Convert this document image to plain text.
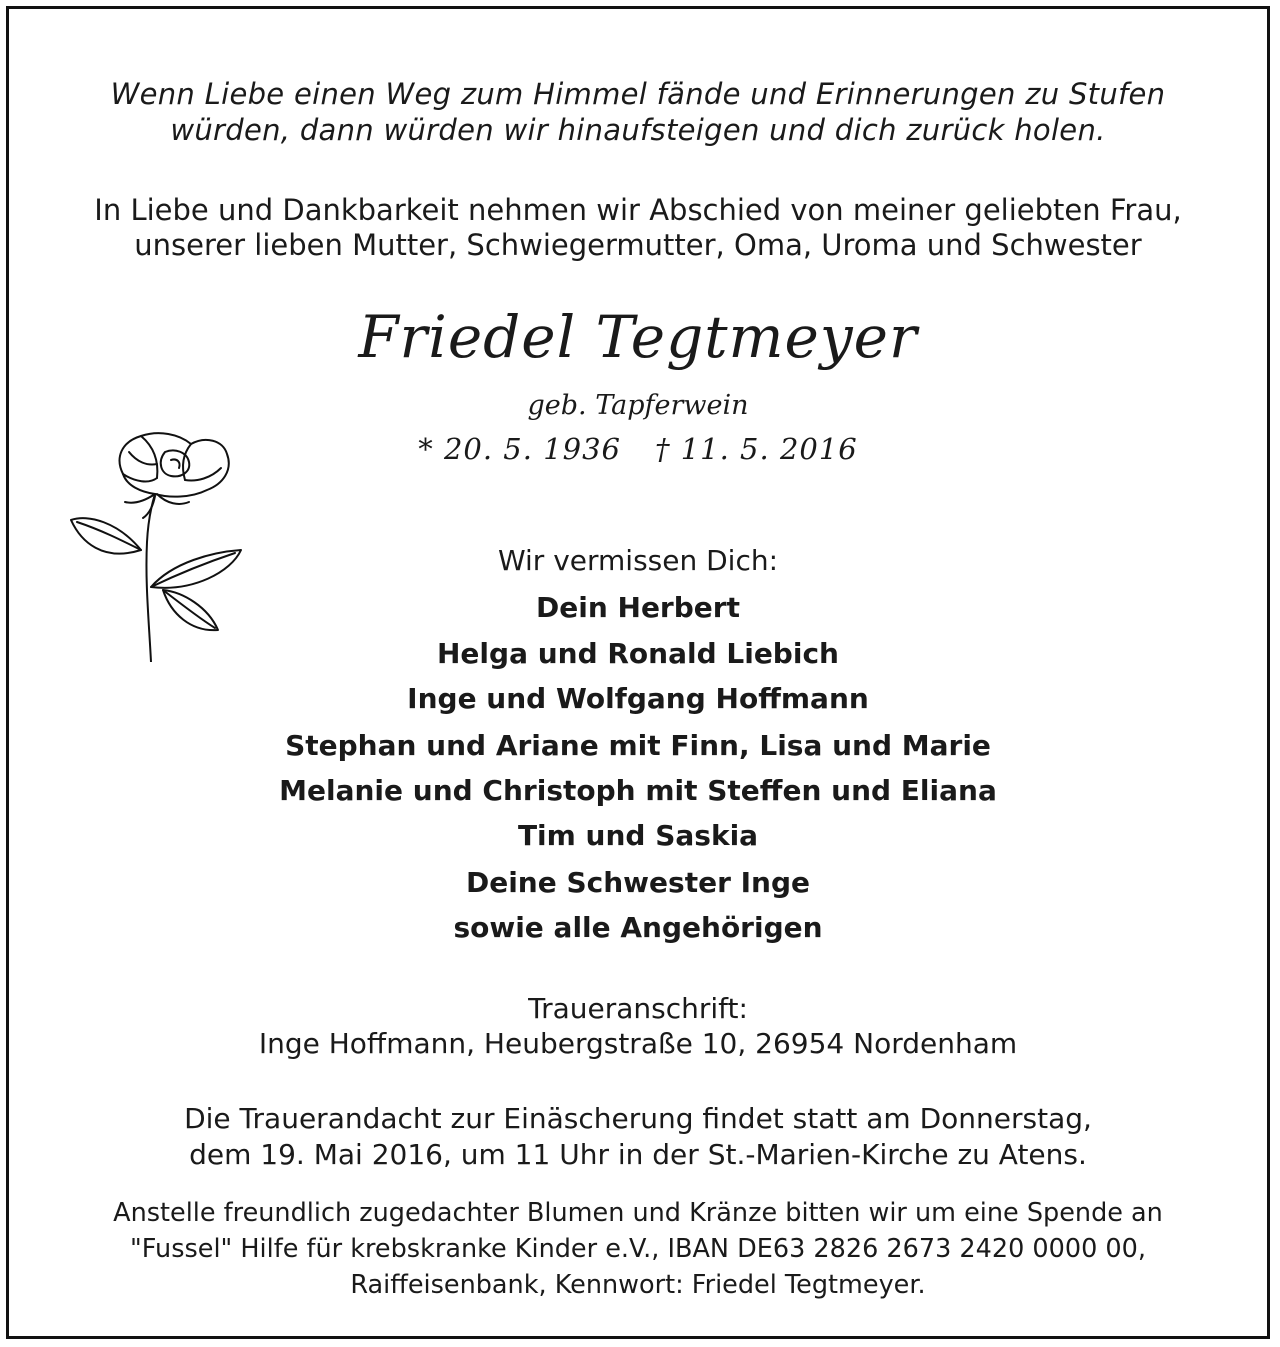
Wenn Liebe einen Weg zum Himmel fände und Erinnerungen zu Stufen

würden, dann würden wir hinaufsteigen und dich zurück holen.

In Liebe und Dankbarkeit nehmen wir Abschied von meiner geliebten Frau,

unserer lieben Mutter, Schwiegermutter, Oma, Uroma und Schwester

Friedel Tegtmeyer

geb. Tapferwein

* 20. 5. 1936 † 11. 5. 2016

Wir vermissen Dich:

Dein Herbert

Helga und Ronald Liebich

Inge und Wolfgang Hoffmann

Stephan und Ariane mit Finn, Lisa und Marie

Melanie und Christoph mit Steffen und Eliana

Tim und Saskia

Deine Schwester Inge

sowie alle Angehörigen

Traueranschrift:

Inge Hoffmann, Heubergstraße 10, 26954 Nordenham

Die Trauerandacht zur Einäscherung findet statt am Donnerstag,

dem 19. Mai 2016, um 11 Uhr in der St.-Marien-Kirche zu Atens.

Anstelle freundlich zugedachter Blumen und Kränze bitten wir um eine Spende an

"Fussel" Hilfe für krebskranke Kinder e.V., IBAN DE63 2826 2673 2420 0000 00,

Raiffeisenbank, Kennwort: Friedel Tegtmeyer.
